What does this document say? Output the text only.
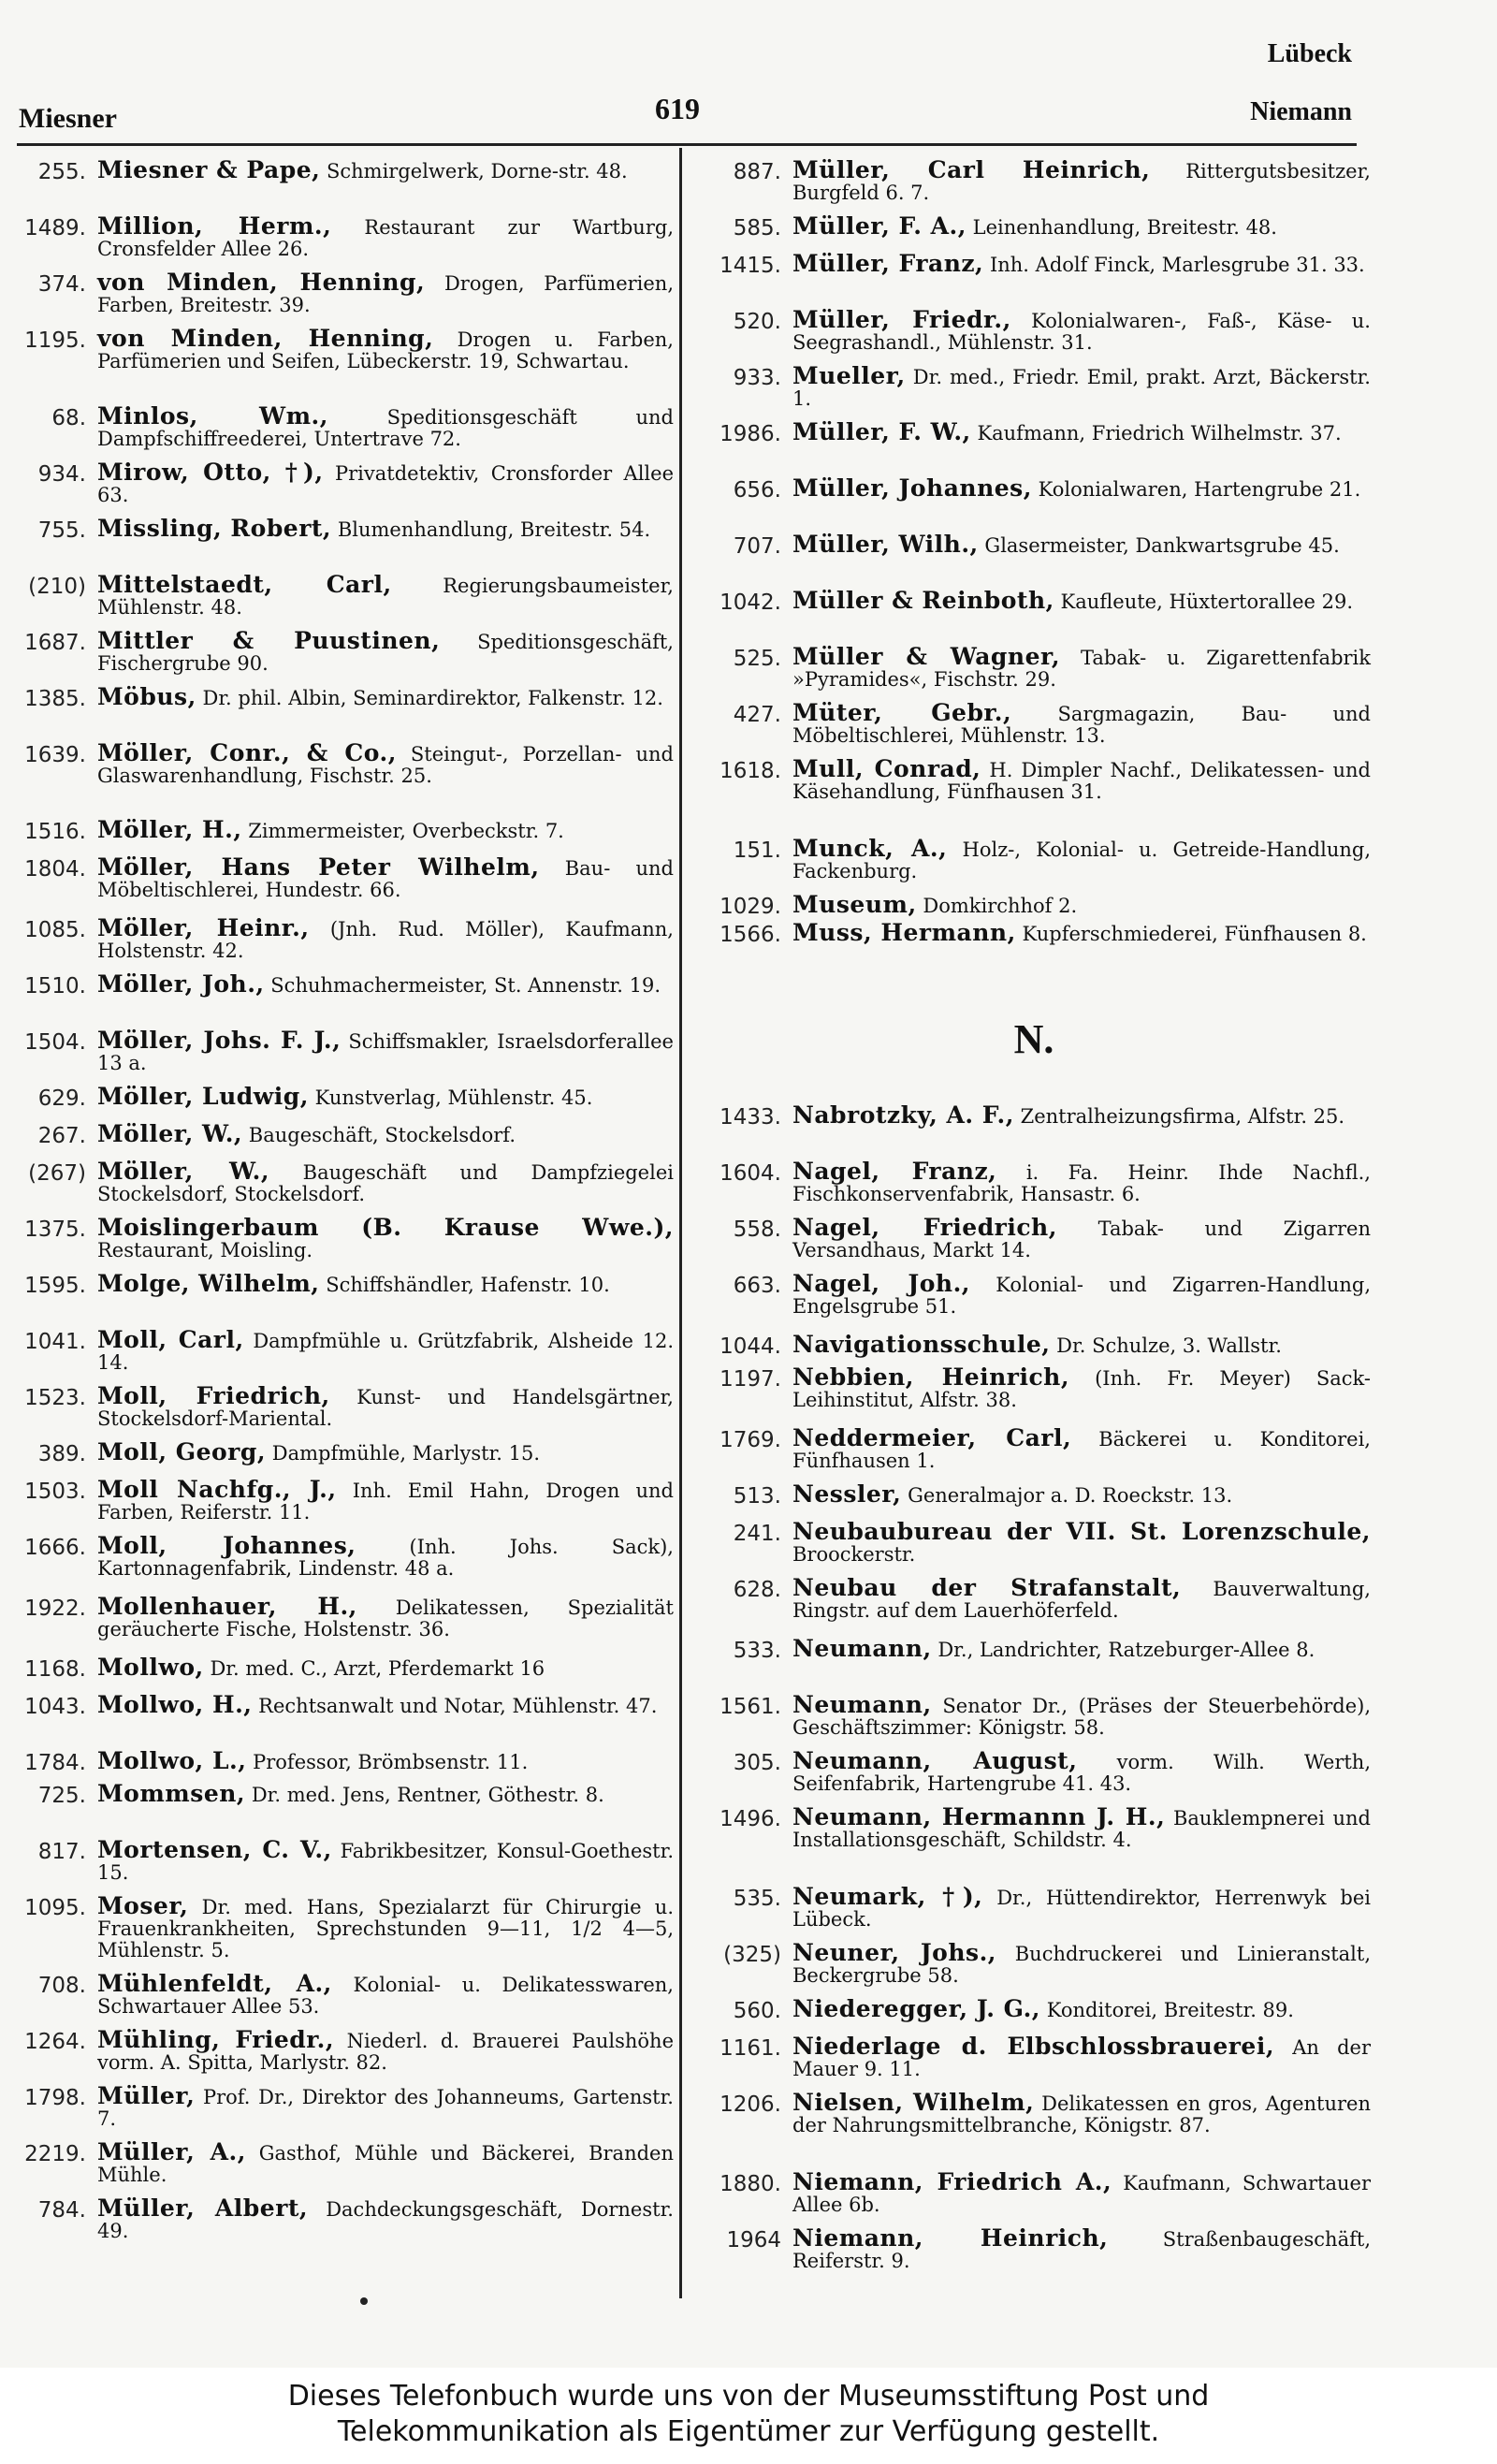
Lübeck
Miesner	619	Niemann
255. Miesner & Pape, Schmirgelwerk, Dorne-str. 48.
1489. Million, Herm., Restaurant zur Wartburg, Cronsfelder Allee 26.
374. von Minden, Henning, Drogen, Parfümerien, Farben, Breitestr. 39.
1195. von Minden, Henning, Drogen u. Farben, Parfümerien und Seifen, Lübeckerstr. 19, Schwartau.
68. Minlos, Wm.,	Speditionsgeschäft und Dampfschiffreederei, Untertrave 72.
934. Mirow, Otto, †), Privatdetektiv, Cronsforder Allee 63.
755. Missling, Robert, Blumenhandlung, Breitestr. 54.
(210) Mittelstaedt, Carl,	Regierungsbaumeister, Mühlenstr. 48.
1687. Mittler & Puustinen, Speditionsgeschäft, Fischergrube 90.
1385. Möbus, Dr. phil. Albin, Seminardirektor, Falkenstr. 12.
1639. Möller, Conr., & Co., Steingut-, Porzellan- und Glaswarenhandlung, Fischstr. 25.
1516. Möller, H., Zimmermeister, Overbeckstr. 7.
1804. Möller, Hans Peter Wilhelm, Bau- und Möbeltischlerei, Hundestr. 66.
1085. Möller, Heinr., (Jnh. Rud. Möller), Kaufmann, Holstenstr. 42.
1510. Möller, Joh., Schuhmachermeister, St. Annenstr. 19.
1504. Möller, Johs. F. J., Schiffsmakler, Israelsdorferallee 13 a.
629. Möller, Ludwig, Kunstverlag, Mühlenstr. 45.
267. Möller, W., Baugeschäft, Stockelsdorf.
(267) Möller, W., Baugeschäft und Dampfziegelei Stockelsdorf, Stockelsdorf.
1375. Moislingerbaum (B. Krause Wwe.), Restaurant, Moisling.
1595. Molge, Wilhelm, Schiffshändler, Hafenstr. 10.
1041. Moll, Carl, Dampfmühle u. Grützfabrik, Alsheide 12. 14.
1523. Moll, Friedrich, Kunst- und Handelsgärtner, Stockelsdorf-Mariental.
389. Moll, Georg, Dampfmühle, Marlystr. 15.
1503. Moll Nachfg., J., Inh. Emil Hahn, Drogen und Farben, Reiferstr. 11.
1666. Moll, Johannes,	(Inh. Johs. Sack), Kartonnagenfabrik, Lindenstr. 48 a.
1922. Mollenhauer, H., Delikatessen, Spezialität geräucherte Fische, Holstenstr. 36.
1168. Mollwo, Dr. med. C., Arzt, Pferdemarkt 16
1043. Mollwo, H., Rechtsanwalt und Notar, Mühlenstr. 47.
1784. Mollwo, L., Professor, Brömbsenstr. 11.
725. Mommsen, Dr. med. Jens, Rentner, Göthestr. 8.
817. Mortensen, C. V., Fabrikbesitzer, Konsul-Goethestr. 15.
1095. Moser, Dr. med. Hans, Spezialarzt für Chirurgie u. Frauenkrankheiten, Sprechstunden 9—11, 1/2 4—5, Mühlenstr. 5.
708. Mühlenfeldt, A., Kolonial- u. Delikatesswaren, Schwartauer Allee 53.
1264. Mühling, Friedr., Niederl. d. Brauerei Paulshöhe vorm. A. Spitta, Marlystr. 82.
1798. Müller, Prof. Dr., Direktor des Johanneums, Gartenstr. 7.
2219. Müller, A., Gasthof, Mühle und Bäckerei, Branden Mühle.
784. Müller, Albert, Dachdeckungsgeschäft, Dornestr. 49.
887. Müller, Carl Heinrich, Rittergutsbesitzer, Burgfeld 6. 7.
585. Müller, F. A., Leinenhandlung, Breitestr. 48.
1415. Müller, Franz, Inh. Adolf Finck, Marlesgrube 31. 33.
520. Müller, Friedr., Kolonialwaren-, Faß-, Käse- u. Seegrashandl., Mühlenstr. 31.
933. Mueller, Dr. med., Friedr. Emil, prakt. Arzt, Bäckerstr. 1.
1986. Müller, F. W., Kaufmann, Friedrich Wilhelmstr. 37.
656. Müller, Johannes, Kolonialwaren, Hartengrube 21.
707. Müller, Wilh., Glasermeister, Dankwartsgrube 45.
1042. Müller & Reinboth, Kaufleute, Hüxtertorallee 29.
525. Müller & Wagner, Tabak- u. Zigarettenfabrik »Pyramides«, Fischstr. 29.
427. Müter, Gebr., Sargmagazin, Bau- und Möbeltischlerei, Mühlenstr. 13.
1618. Mull, Conrad, H. Dimpler Nachf., Delikatessen- und Käsehandlung, Fünfhausen 31.
151. Munck, A., Holz-, Kolonial- u. Getreide-Handlung, Fackenburg.
1029. Museum, Domkirchhof 2.
1566. Muss, Hermann, Kupferschmiederei, Fünfhausen 8.
N.
1433. Nabrotzky, A. F., Zentralheizungsfirma, Alfstr. 25.
1604. Nagel, Franz, i. Fa. Heinr. Ihde Nachfl., Fischkonservenfabrik, Hansastr. 6.
558. Nagel, Friedrich, Tabak- und Zigarren Versandhaus, Markt 14.
663. Nagel, Joh., Kolonial- und Zigarren-Handlung, Engelsgrube 51.
1044. Navigationsschule, Dr. Schulze, 3. Wallstr.
1197. Nebbien, Heinrich, (Inh. Fr. Meyer) Sack-Leihinstitut, Alfstr. 38.
1769. Neddermeier, Carl, Bäckerei u. Konditorei, Fünfhausen 1.
513. Nessler, Generalmajor a. D. Roeckstr. 13.
241. Neubaubureau der VII. St. Lorenzschule, Broockerstr.
628. Neubau der Strafanstalt, Bauverwaltung, Ringstr. auf dem Lauerhöferfeld.
533. Neumann, Dr., Landrichter, Ratzeburger-Allee 8.
1561. Neumann, Senator Dr., (Präses der Steuerbehörde), Geschäftszimmer: Königstr. 58.
305. Neumann, August, vorm. Wilh. Werth, Seifenfabrik, Hartengrube 41. 43.
1496. Neumann, Hermannn J. H., Bauklempnerei und Installationsgeschäft, Schildstr. 4.
535. Neumark, †), Dr., Hüttendirektor, Herrenwyk bei Lübeck.
(325) Neuner, Johs., Buchdruckerei und Linieranstalt, Beckergrube 58.
560. Niederegger, J. G., Konditorei, Breitestr. 89.
1161. Niederlage d. Elbschlossbrauerei, An der Mauer 9. 11.
1206. Nielsen, Wilhelm, Delikatessen en gros, Agenturen der Nahrungsmittelbranche, Königstr. 87.
1880. Niemann, Friedrich A., Kaufmann, Schwartauer Allee 6b.
1964 Niemann, Heinrich,	Straßenbaugeschäft, Reiferstr. 9.
Dieses Telefonbuch wurde uns von der Museumsstiftung Post und
Telekommunikation als Eigentümer zur Verfügung gestellt.
